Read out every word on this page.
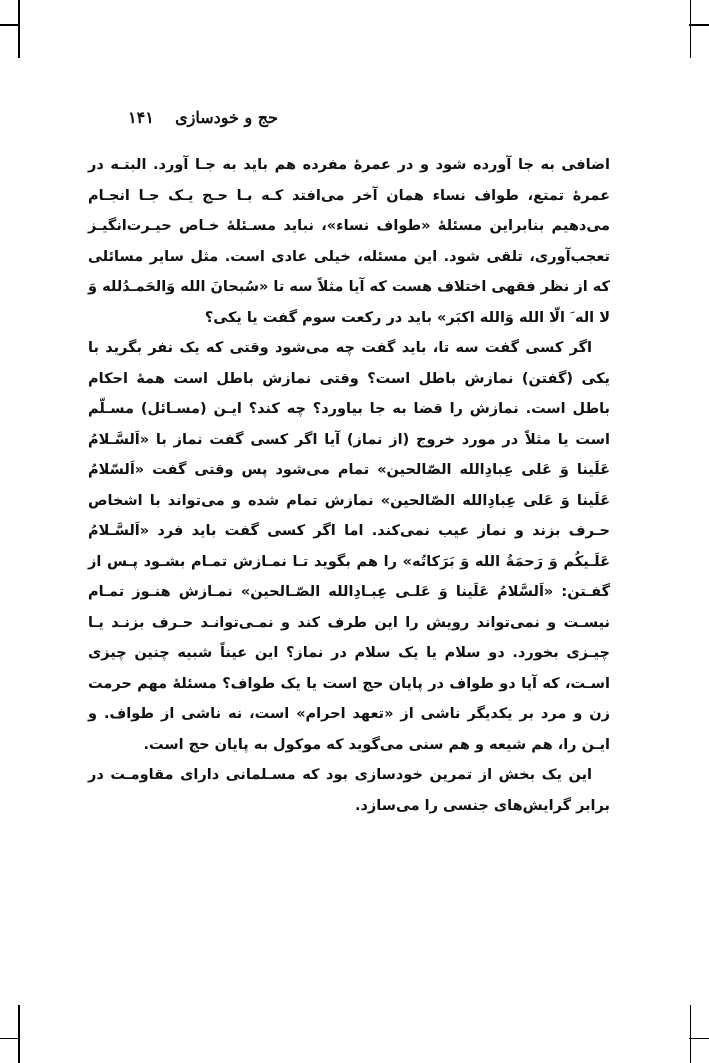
حج و خودسازی
۱۴۱

اضافی به جا آورده شود و در عمرهٔ مفرده هم باید به جـا آورد. البتـه در عمرهٔ تمتع، طواف نساء همان آخر می‌افتد کـه بـا حـج یـک جـا انجـام می‌دهیم بنابراین مسئلهٔ «طواف نساء»، نباید مسـئلهٔ خـاص حیـرت‌انگیـز تعجب‌آوری، تلقی شود. این مسئله، خیلی عادی است. مثل سایر مسائلی که از نظر فقهی اختلاف هست که آیا مثلاً سه تا «سُبحانَ الله وَالحَمـدُلله وَ لا اله َ الّا الله وَالله اکبَر» باید در رکعت سوم گفت یا یکی؟

اگر کسی گفت سه تا، باید گفت چه می‌شود وقتی که یک نفر بگرید با یکی (گفتن) نمازش باطل است؟ وقتی نمازش باطل است همهٔ احکام باطل است. نمازش را قضا به جا بیاورد؟ چه کند؟ ایـن (مسـائل) مسـلّم است یا مثلاً در مورد خروج (از نماز) آیا اگر کسی گفت نماز با «اَلسَّـلامُ عَلَینا وَ عَلی عِبادِالله الصّالحین» تمام می‌شود پس وقتی گفت «اَلسّلامُ عَلَینا وَ عَلی عِبادِالله الصّالحین» نمازش تمام شده و می‌تواند با اشخاص حـرف بزند و نماز عیب نمی‌کند. اما اگر کسی گفت باید فرد «اَلسَّـلامُ عَلَـیکُم وَ رَحمَةُ الله وَ بَرَکاتُه» را هم بگوید تـا نمـازش تمـام بشـود پـس از گفـتن: «اَلسَّلامُ عَلَینا وَ عَلـی عِبـادِالله الصّـالحین» نمـازش هنـوز تمـام نیسـت و نمی‌تواند رویش را این طرف کند و نمـی‌توانـد حـرف بزنـد یـا چیـزی بخورد. دو سلام یا یک سلام در نماز؟ این عیناً شبیه چنین چیزی اسـت، که آیا دو طواف در پایان حج است یا یک طواف؟ مسئلهٔ مهم حرمت زن و مرد بر یکدیگر ناشی از «تعهد احرام» است، نه ناشی از طواف. و ایـن را، هم شیعه و هم سنی می‌گوید که موکول به پایان حج است.

این یک بخش از تمرین خودسازی بود که مسـلمانی دارای مقاومـت در برابر گرایش‌های جنسی را می‌سازد.
